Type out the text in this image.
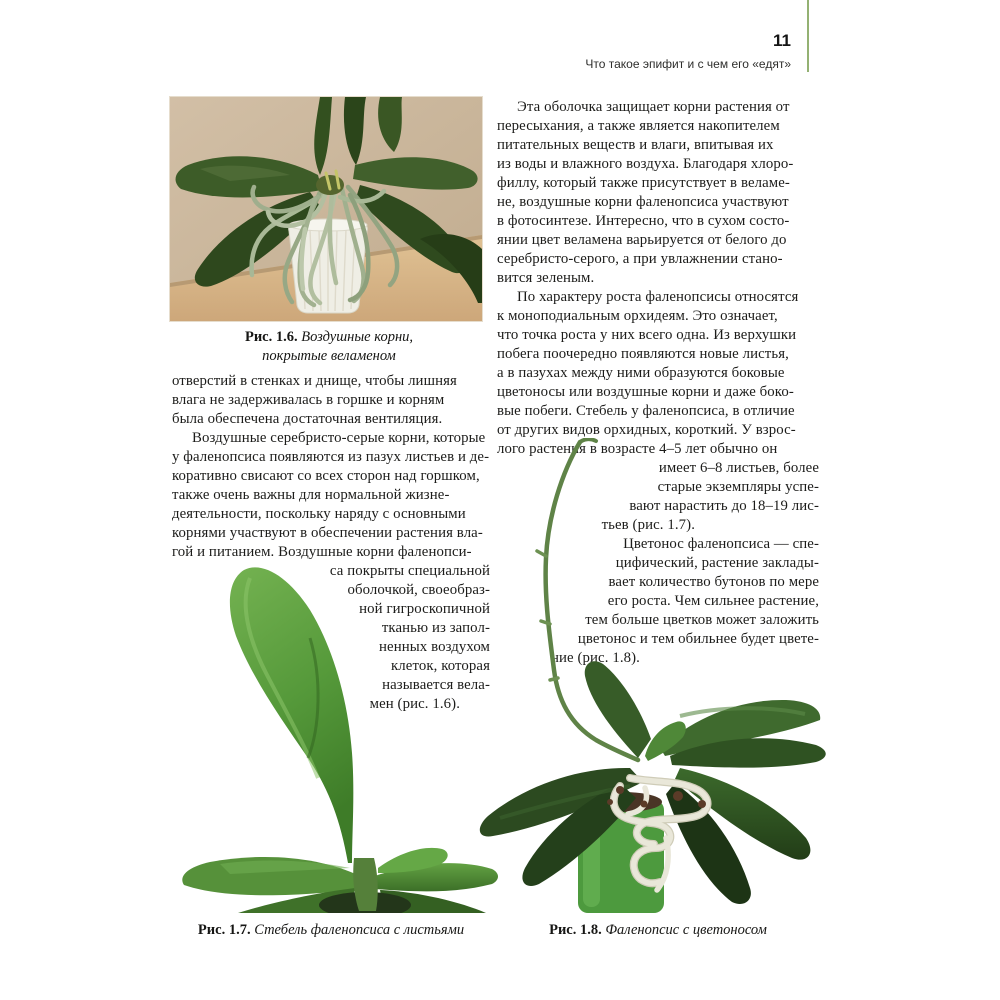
11
Что такое эпифит и с чем его «едят»
Рис. 1.6. Воздушные корни,
покрытые веламеном
отверстий в стенках и днище, чтобы лишняя
влага не задерживалась в горшке и корням
была обеспечена достаточная вентиляция.
Воздушные серебристо-серые корни, которые
у фаленопсиса появляются из пазух листьев и де-
коративно свисают со всех сторон над горшком,
также очень важны для нормальной жизне-
деятельности, поскольку наряду с основными
корнями участвуют в обеспечении растения вла-
гой и питанием. Воздушные корни фаленопси-
са покрыты специальной
оболочкой, своеобраз-
ной гигроскопичной
тканью из запол-
ненных воздухом
клеток, которая
называется вела-
мен (рис. 1.6).
Эта оболочка защищает корни растения от
пересыхания, а также является накопителем
питательных веществ и влаги, впитывая их
из воды и влажного воздуха. Благодаря хлоро-
филлу, который также присутствует в веламе-
не, воздушные корни фаленопсиса участвуют
в фотосинтезе. Интересно, что в сухом состо-
янии цвет веламена варьируется от белого до
серебристо-серого, а при увлажнении стано-
вится зеленым.
По характеру роста фаленопсисы относятся
к моноподиальным орхидеям. Это означает,
что точка роста у них всего одна. Из верхушки
побега поочередно появляются новые листья,
а в пазухах между ними образуются боковые
цветоносы или воздушные корни и даже боко-
вые побеги. Стебель у фаленопсиса, в отличие
от других видов орхидных, короткий. У взрос-
лого растения в возрасте 4–5 лет обычно он
имеет 6–8 листьев, более
старые экземпляры успе-
вают нарастить до 18–19 лис-
тьев (рис. 1.7).
Цветонос фаленопсиса — спе-
цифический, растение заклады-
вает количество бутонов по мере
его роста. Чем сильнее растение,
тем больше цветков может заложить
цветонос и тем обильнее будет цвете-
ние (рис. 1.8).
Рис. 1.7. Стебель фаленопсиса с листьями	Рис. 1.8. Фаленопсис с цветоносом
